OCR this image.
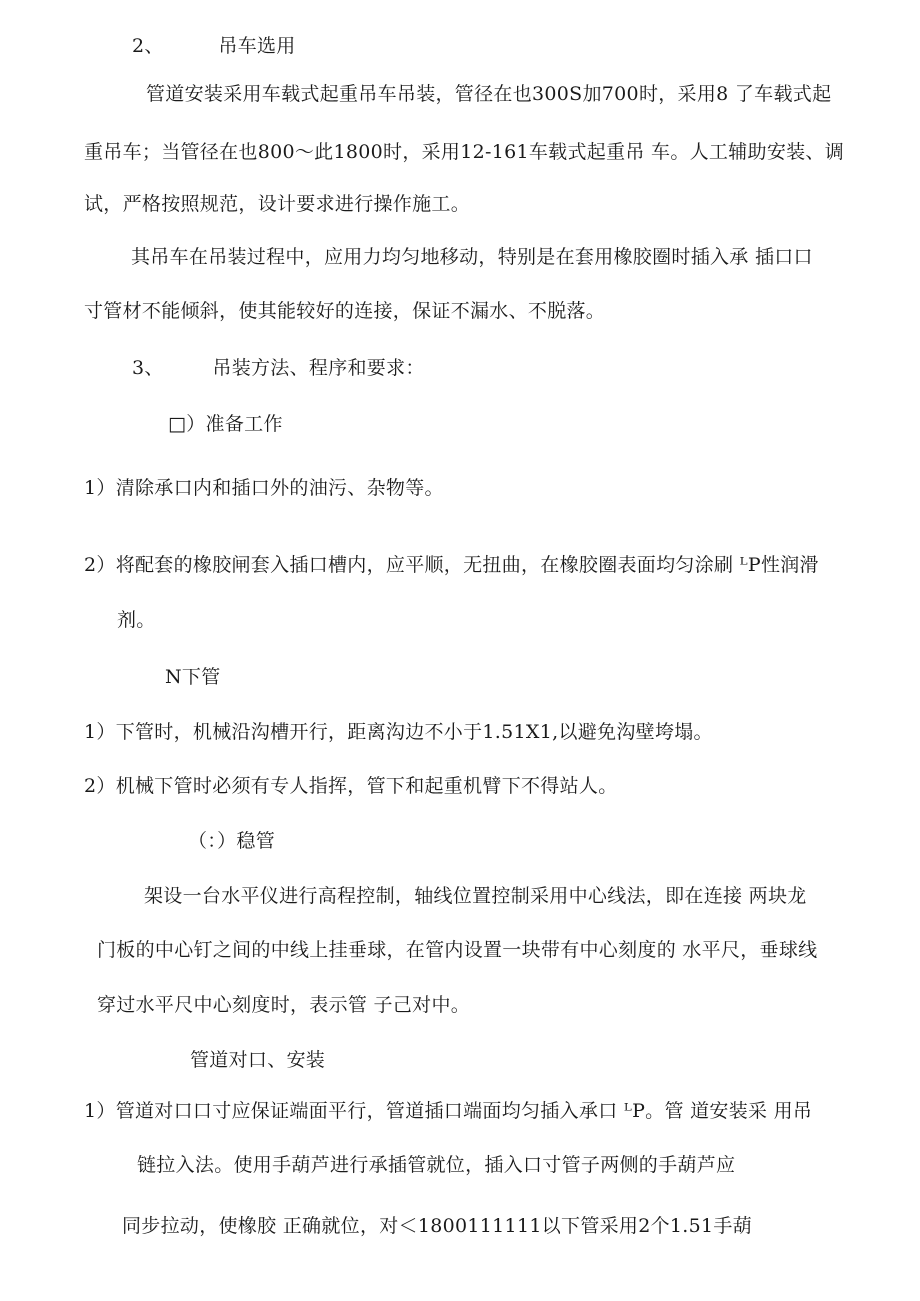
2、	吊车选用
管道安装采用车载式起重吊车吊装，管径在也300S加700时，采用8 了车载式起
重吊车；当管径在也800～此1800时，采用12-161车载式起重吊 车。人工辅助安装、调
试，严格按照规范，设计要求进行操作施工。
其吊车在吊装过程中，应用力均匀地移动，特别是在套用橡胶圈时插入承 插口口
寸管材不能倾斜，使其能较好的连接，保证不漏水、不脱落。
3、	吊装方法、程序和要求：
□）准备工作
1）清除承口内和插口外的油污、杂物等。
2）将配套的橡胶闸套入插口槽内，应平顺，无扭曲，在橡胶圈表面均匀涂刷 ᴸP性润滑
剂。
N下管
1）下管时，机械沿沟槽开行，距离沟边不小于1.51X1,以避免沟壁垮塌。
2）机械下管时必须有专人指挥，管下和起重机臂下不得站人。
（：）稳管
架设一台水平仪进行高程控制，轴线位置控制采用中心线法，即在连接 两块龙
门板的中心钉之间的中线上挂垂球，在管内设置一块带有中心刻度的 水平尺，垂球线
穿过水平尺中心刻度时，表示管 子己对中。
管道对口、安装
1）管道对口口寸应保证端面平行，管道插口端面均匀插入承口 ᴸP。管 道安装采 用吊
链拉入法。使用手葫芦进行承插管就位，插入口寸管子两侧的手葫芦应
同步拉动，使橡胶 正确就位，对＜1800111111以下管采用2个1.51手葫
